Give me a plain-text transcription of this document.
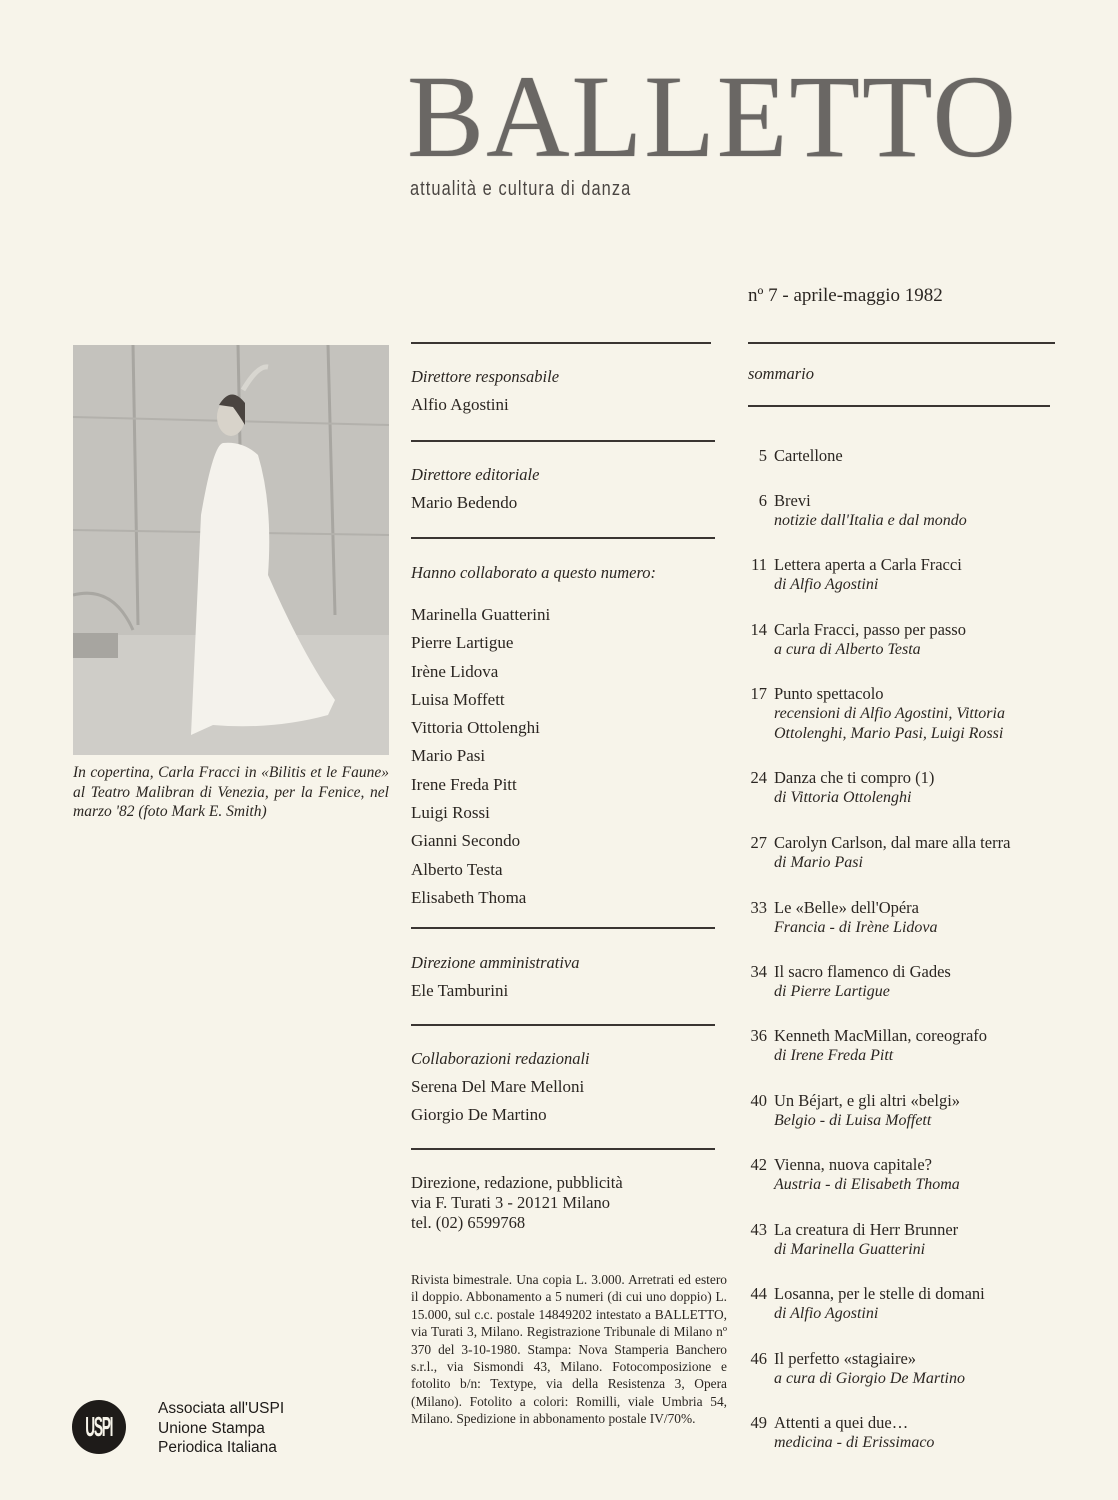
BALLETTO
attualità e cultura di danza
nº 7 - aprile-maggio 1982
In copertina, Carla Fracci in «Bilitis et le Faune» al Teatro Malibran di Venezia, per la Fenice, nel marzo '82 (foto Mark E. Smith)
Direttore responsabile
Alfio Agostini
Direttore editoriale
Mario Bedendo
Hanno collaborato a questo numero:
Marinella Guatterini
Pierre Lartigue
Irène Lidova
Luisa Moffett
Vittoria Ottolenghi
Mario Pasi
Irene Freda Pitt
Luigi Rossi
Gianni Secondo
Alberto Testa
Elisabeth Thoma
Direzione amministrativa
Ele Tamburini
Collaborazioni redazionali
Serena Del Mare Melloni
Giorgio De Martino
Direzione, redazione, pubblicità
via F. Turati 3 - 20121 Milano
tel. (02) 6599768
Rivista bimestrale. Una copia L. 3.000. Arretrati ed estero il doppio. Abbonamento a 5 numeri (di cui uno doppio) L. 15.000, sul c.c. postale 14849202 intestato a BALLETTO, via Turati 3, Milano. Registrazione Tribunale di Milano nº 370 del 3-10-1980. Stampa: Nova Stamperia Banchero s.r.l., via Sismondi 43, Milano. Fotocomposizione e fotolito b/n: Textype, via della Resistenza 3, Opera (Milano). Fotolito a colori: Romilli, viale Umbria 54, Milano. Spedizione in abbonamento postale IV/70%.
USPI
Associata all'USPI
Unione Stampa
Periodica Italiana
sommario
5 Cartellone
6 Brevi
notizie dall'Italia e dal mondo
11 Lettera aperta a Carla Fracci
di Alfio Agostini
14 Carla Fracci, passo per passo
a cura di Alberto Testa
17 Punto spettacolo
recensioni di Alfio Agostini, Vittoria
Ottolenghi, Mario Pasi, Luigi Rossi
24 Danza che ti compro (1)
di Vittoria Ottolenghi
27 Carolyn Carlson, dal mare alla terra
di Mario Pasi
33 Le «Belle» dell'Opéra
Francia - di Irène Lidova
34 Il sacro flamenco di Gades
di Pierre Lartigue
36 Kenneth MacMillan, coreografo
di Irene Freda Pitt
40 Un Béjart, e gli altri «belgi»
Belgio - di Luisa Moffett
42 Vienna, nuova capitale?
Austria - di Elisabeth Thoma
43 La creatura di Herr Brunner
di Marinella Guatterini
44 Losanna, per le stelle di domani
di Alfio Agostini
46 Il perfetto «stagiaire»
a cura di Giorgio De Martino
49 Attenti a quei due…
medicina - di Erissimaco
